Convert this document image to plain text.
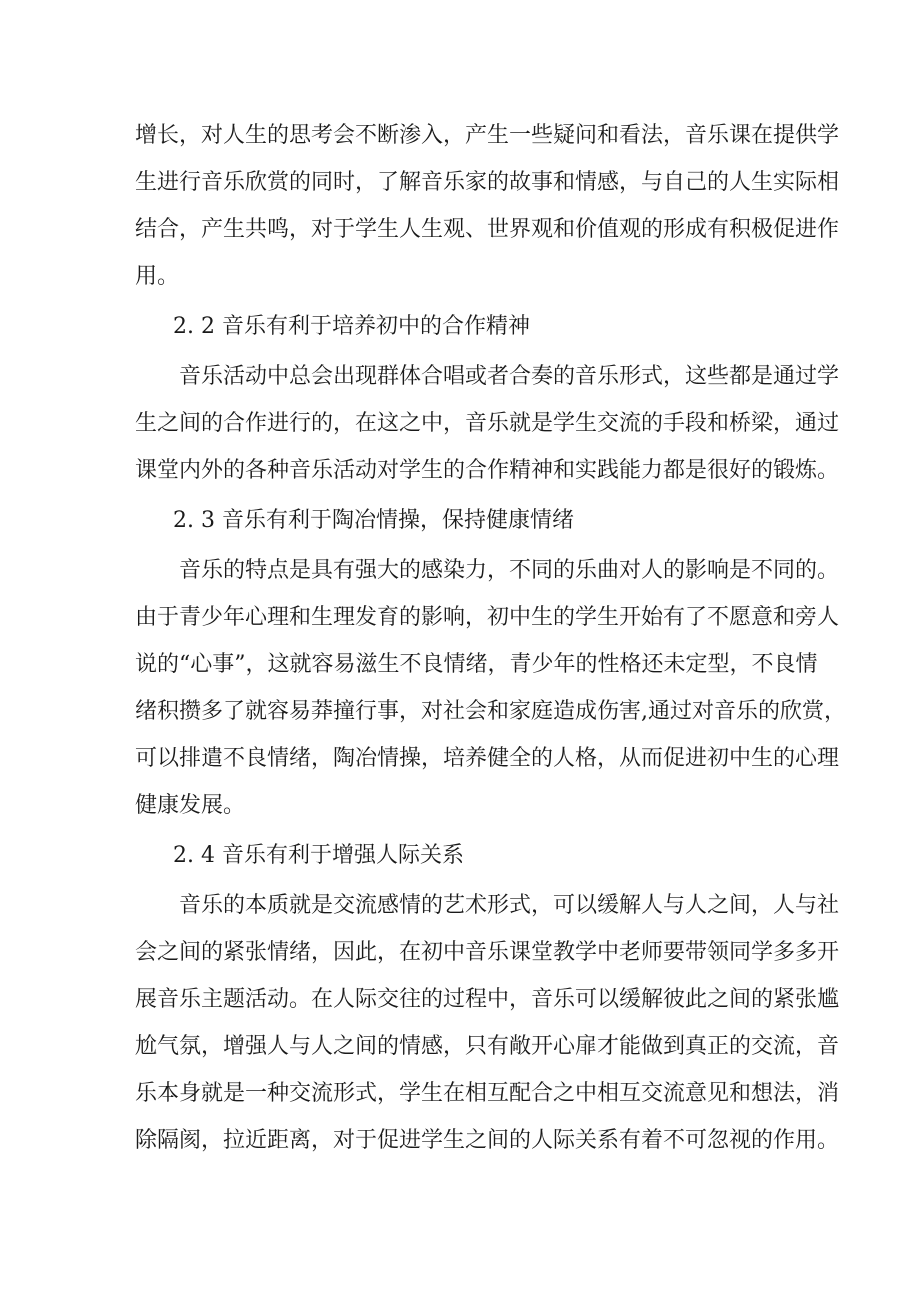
增长，对人生的思考会不断渗入，产生一些疑问和看法，音乐课在提供学
生进行音乐欣赏的同时，了解音乐家的故事和情感，与自己的人生实际相
结合，产生共鸣，对于学生人生观、世界观和价值观的形成有积极促进作
用。
2. 2 音乐有利于培养初中的合作精神
音乐活动中总会出现群体合唱或者合奏的音乐形式，这些都是通过学
生之间的合作进行的，在这之中，音乐就是学生交流的手段和桥梁，通过
课堂内外的各种音乐活动对学生的合作精神和实践能力都是很好的锻炼。
2. 3 音乐有利于陶冶情操，保持健康情绪
音乐的特点是具有强大的感染力，不同的乐曲对人的影响是不同的。
由于青少年心理和生理发育的影响，初中生的学生开始有了不愿意和旁人
说的“心事”，这就容易滋生不良情绪，青少年的性格还未定型，不良情
绪积攒多了就容易莽撞行事，对社会和家庭造成伤害,通过对音乐的欣赏，
可以排遣不良情绪，陶冶情操，培养健全的人格，从而促进初中生的心理
健康发展。
2. 4 音乐有利于增强人际关系
音乐的本质就是交流感情的艺术形式，可以缓解人与人之间，人与社
会之间的紧张情绪，因此，在初中音乐课堂教学中老师要带领同学多多开
展音乐主题活动。在人际交往的过程中，音乐可以缓解彼此之间的紧张尴
尬气氛，增强人与人之间的情感，只有敞开心扉才能做到真正的交流，音
乐本身就是一种交流形式，学生在相互配合之中相互交流意见和想法，消
除隔阂，拉近距离，对于促进学生之间的人际关系有着不可忽视的作用。
